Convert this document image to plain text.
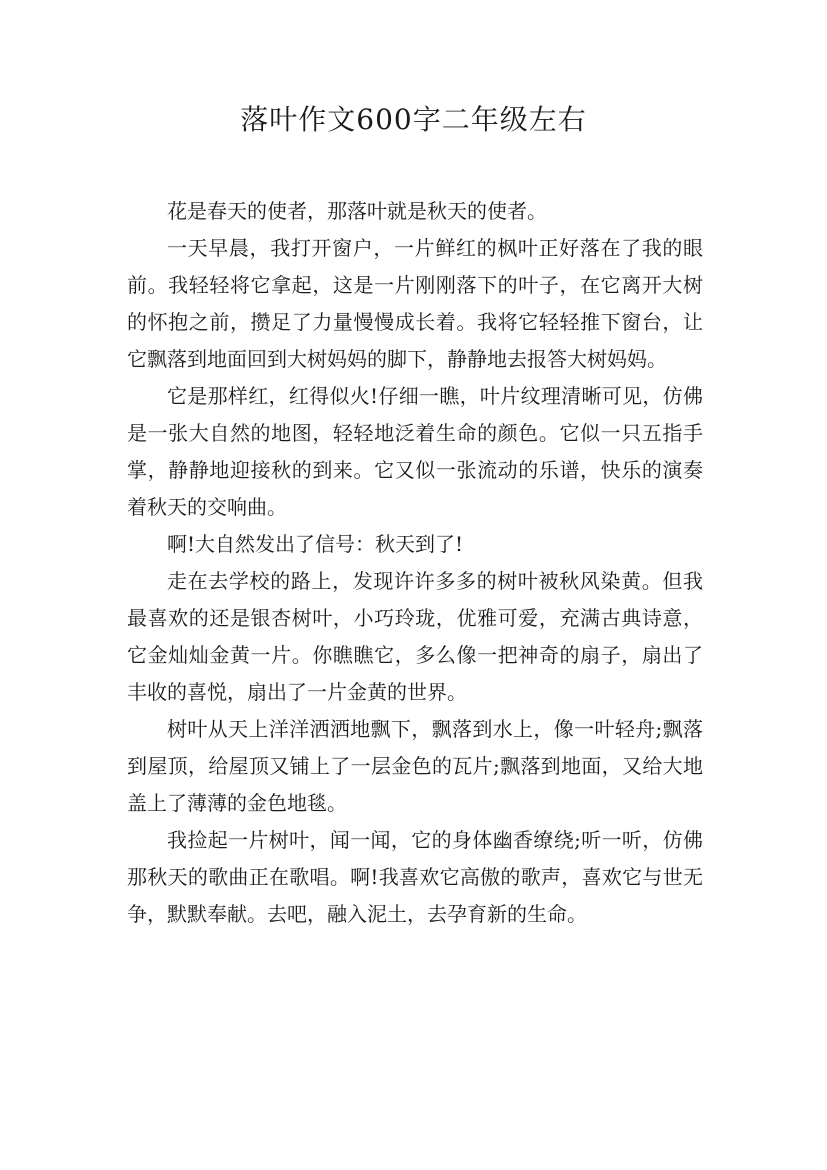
落叶作文600字二年级左右

花是春天的使者，那落叶就是秋天的使者。

一天早晨，我打开窗户，一片鲜红的枫叶正好落在了我的眼前。我轻轻将它拿起，这是一片刚刚落下的叶子，在它离开大树的怀抱之前，攒足了力量慢慢成长着。我将它轻轻推下窗台，让它飘落到地面回到大树妈妈的脚下，静静地去报答大树妈妈。

它是那样红，红得似火!仔细一瞧，叶片纹理清晰可见，仿佛是一张大自然的地图，轻轻地泛着生命的颜色。它似一只五指手掌，静静地迎接秋的到来。它又似一张流动的乐谱，快乐的演奏着秋天的交响曲。

啊!大自然发出了信号：秋天到了!

走在去学校的路上，发现许许多多的树叶被秋风染黄。但我最喜欢的还是银杏树叶，小巧玲珑，优雅可爱，充满古典诗意，它金灿灿金黄一片。你瞧瞧它，多么像一把神奇的扇子，扇出了丰收的喜悦，扇出了一片金黄的世界。

树叶从天上洋洋洒洒地飘下，飘落到水上，像一叶轻舟;飘落到屋顶，给屋顶又铺上了一层金色的瓦片;飘落到地面，又给大地盖上了薄薄的金色地毯。

我捡起一片树叶，闻一闻，它的身体幽香缭绕;听一听，仿佛那秋天的歌曲正在歌唱。啊!我喜欢它高傲的歌声，喜欢它与世无争，默默奉献。去吧，融入泥土，去孕育新的生命。
